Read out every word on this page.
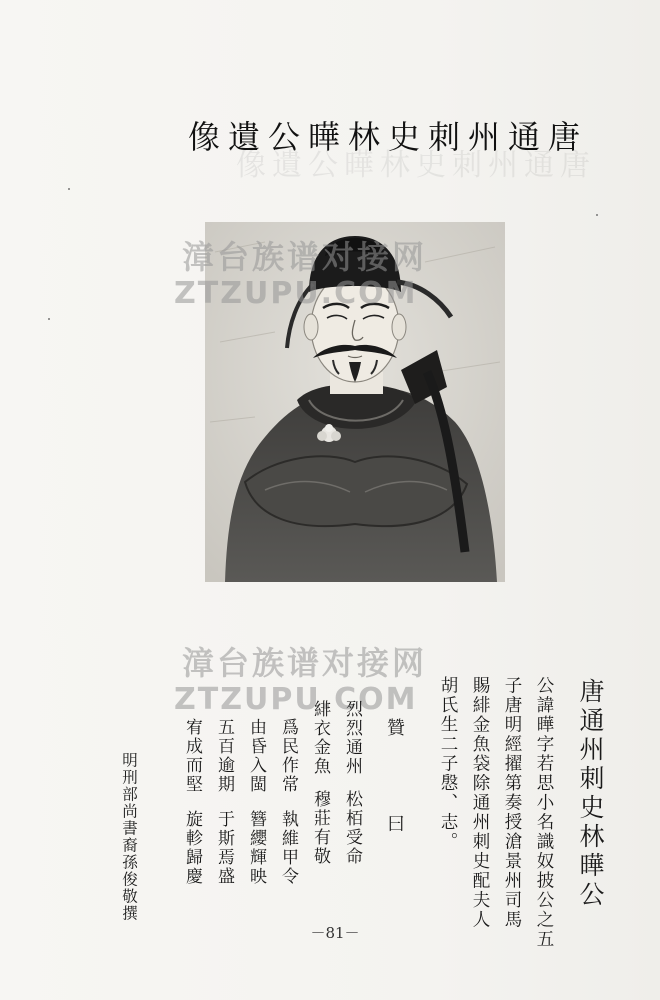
像遺公曄林史刺州通唐
像遺公曄林史刺州通唐
漳台族谱对接网
ZTZUPU.COM
漳台族谱对接网
ZTZUPU.COM	唐通州刺史林曄公
公諱曄字若思小名識奴披公之五
子唐明經擢第奏授滄景州司馬
賜緋金魚袋除通州刺史配夫人
胡氏生二子慇、志。
贊　曰
烈烈通州
松栢受命
緋衣金魚
穆莊有敬
爲民作常
執維甲令
由昏入閩
簪纓輝映
五百逾期
于斯焉盛
宥成而堅
旋軫歸慶
明刑部尚書裔孫俊敬撰
－81－
